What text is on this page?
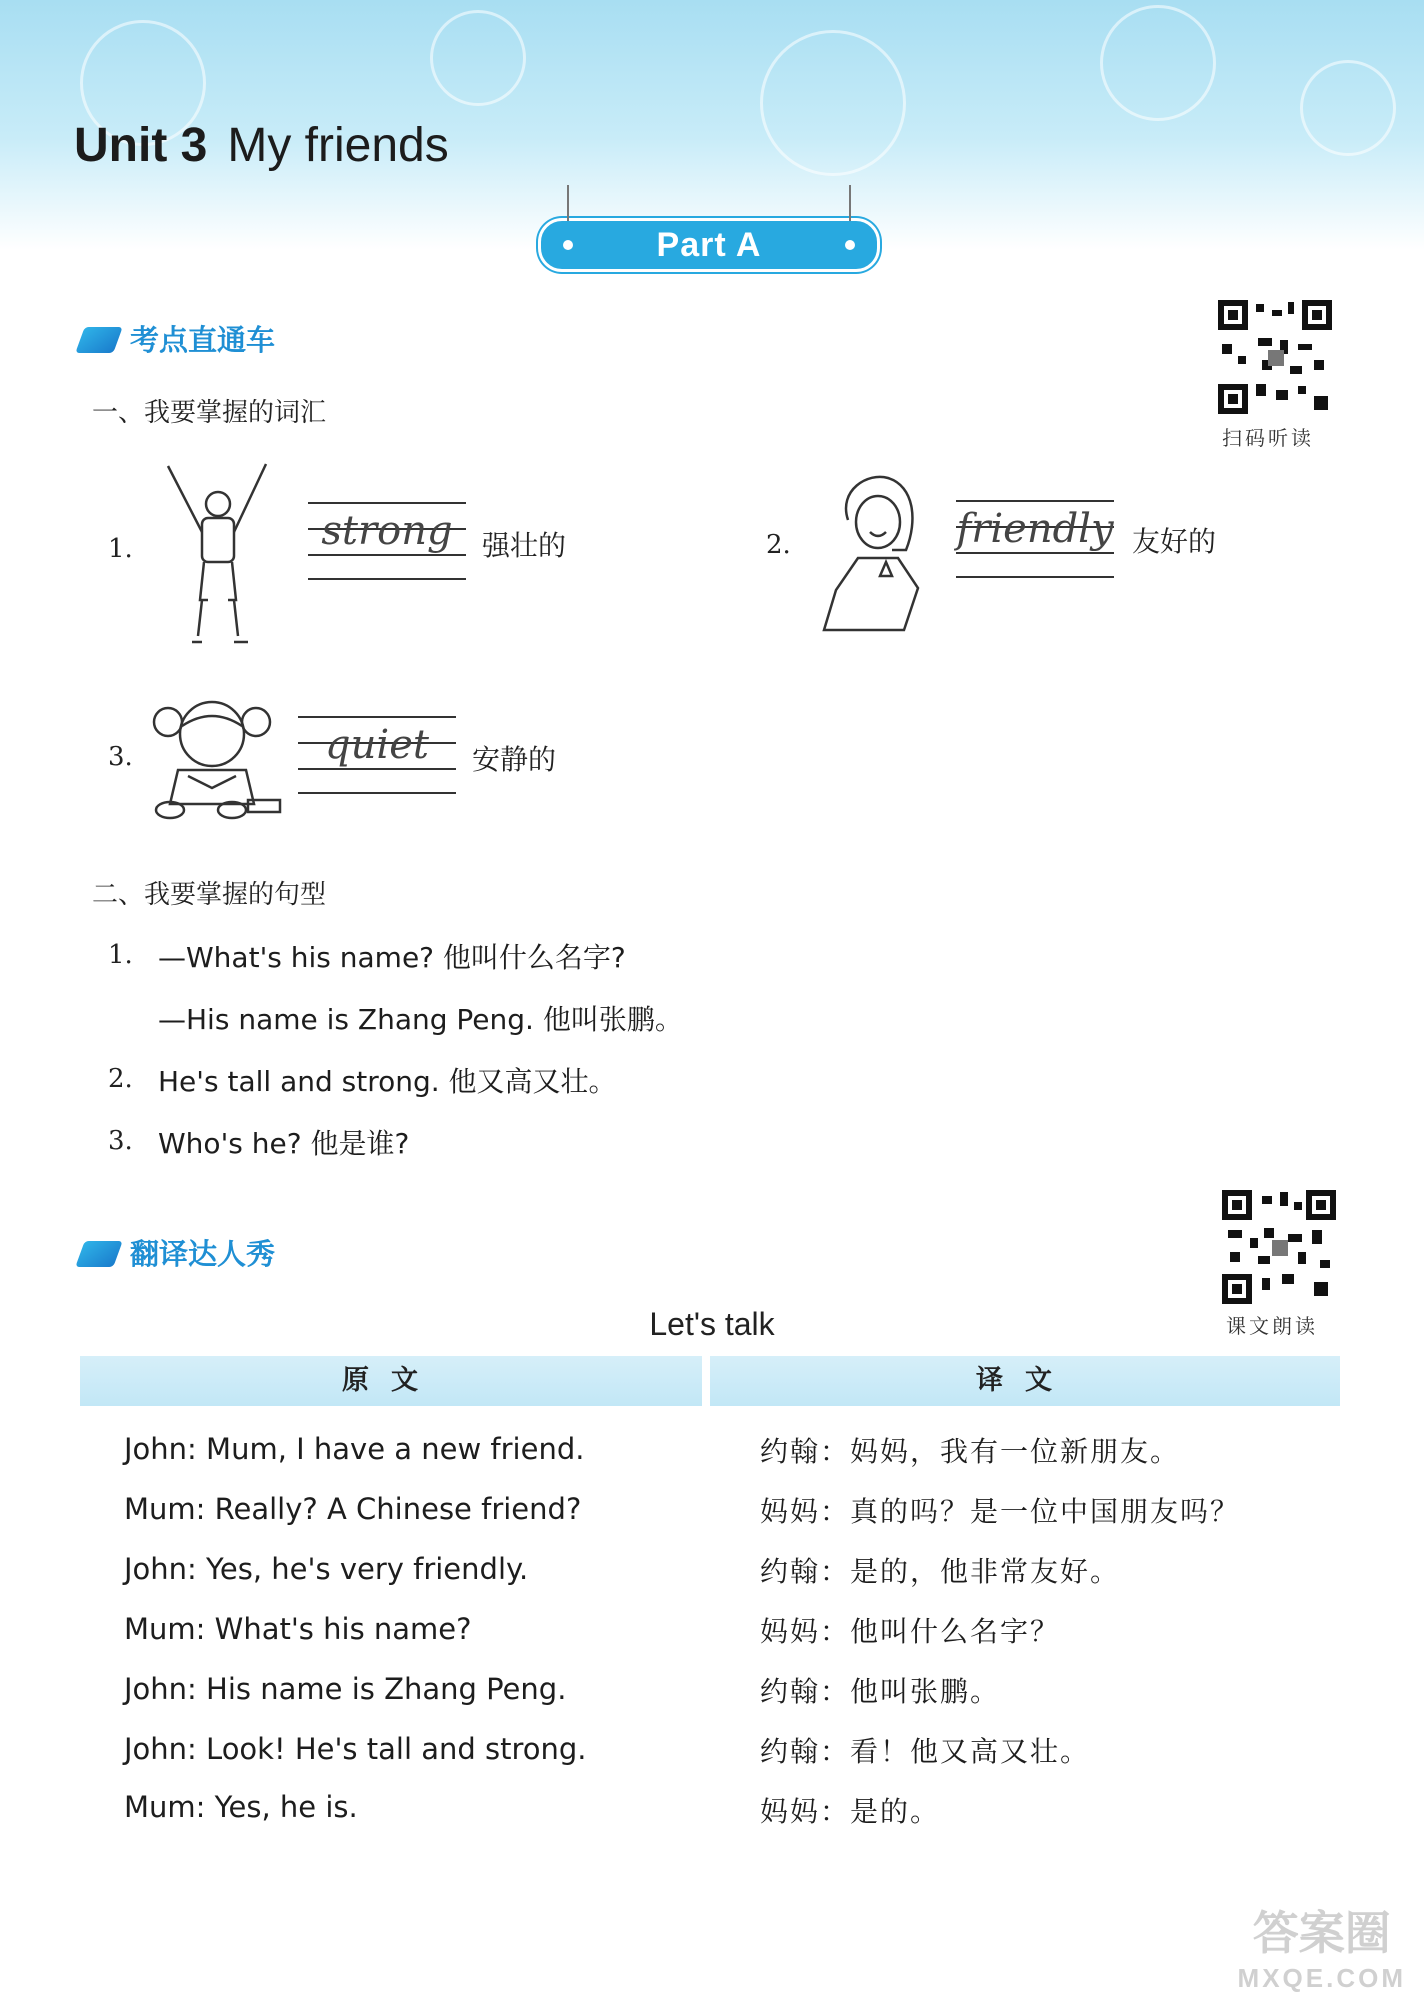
Unit 3 My friends
Part A
考点直通车
扫码听读
一、我要掌握的词汇
1.	strong	强壮的	2.	friendly 友好的
3.	quiet	安静的
二、我要掌握的句型
1. —What's his name? 他叫什么名字?
—His name is Zhang Peng. 他叫张鹏。
2. He's tall and strong. 他又高又壮。
3. Who's he? 他是谁?
翻译达人秀
课文朗读
Let's talk
原文	译文
John: Mum, I have a new friend.	约翰：妈妈，我有一位新朋友。
Mum: Really? A Chinese friend?	妈妈：真的吗？是一位中国朋友吗？
John: Yes, he's very friendly.	约翰：是的，他非常友好。
Mum: What's his name?	妈妈：他叫什么名字？
John: His name is Zhang Peng.	约翰：他叫张鹏。
John: Look! He's tall and strong.	约翰：看！他又高又壮。
Mum: Yes, he is.	妈妈：是的。
答案圈
MXQE.COM
